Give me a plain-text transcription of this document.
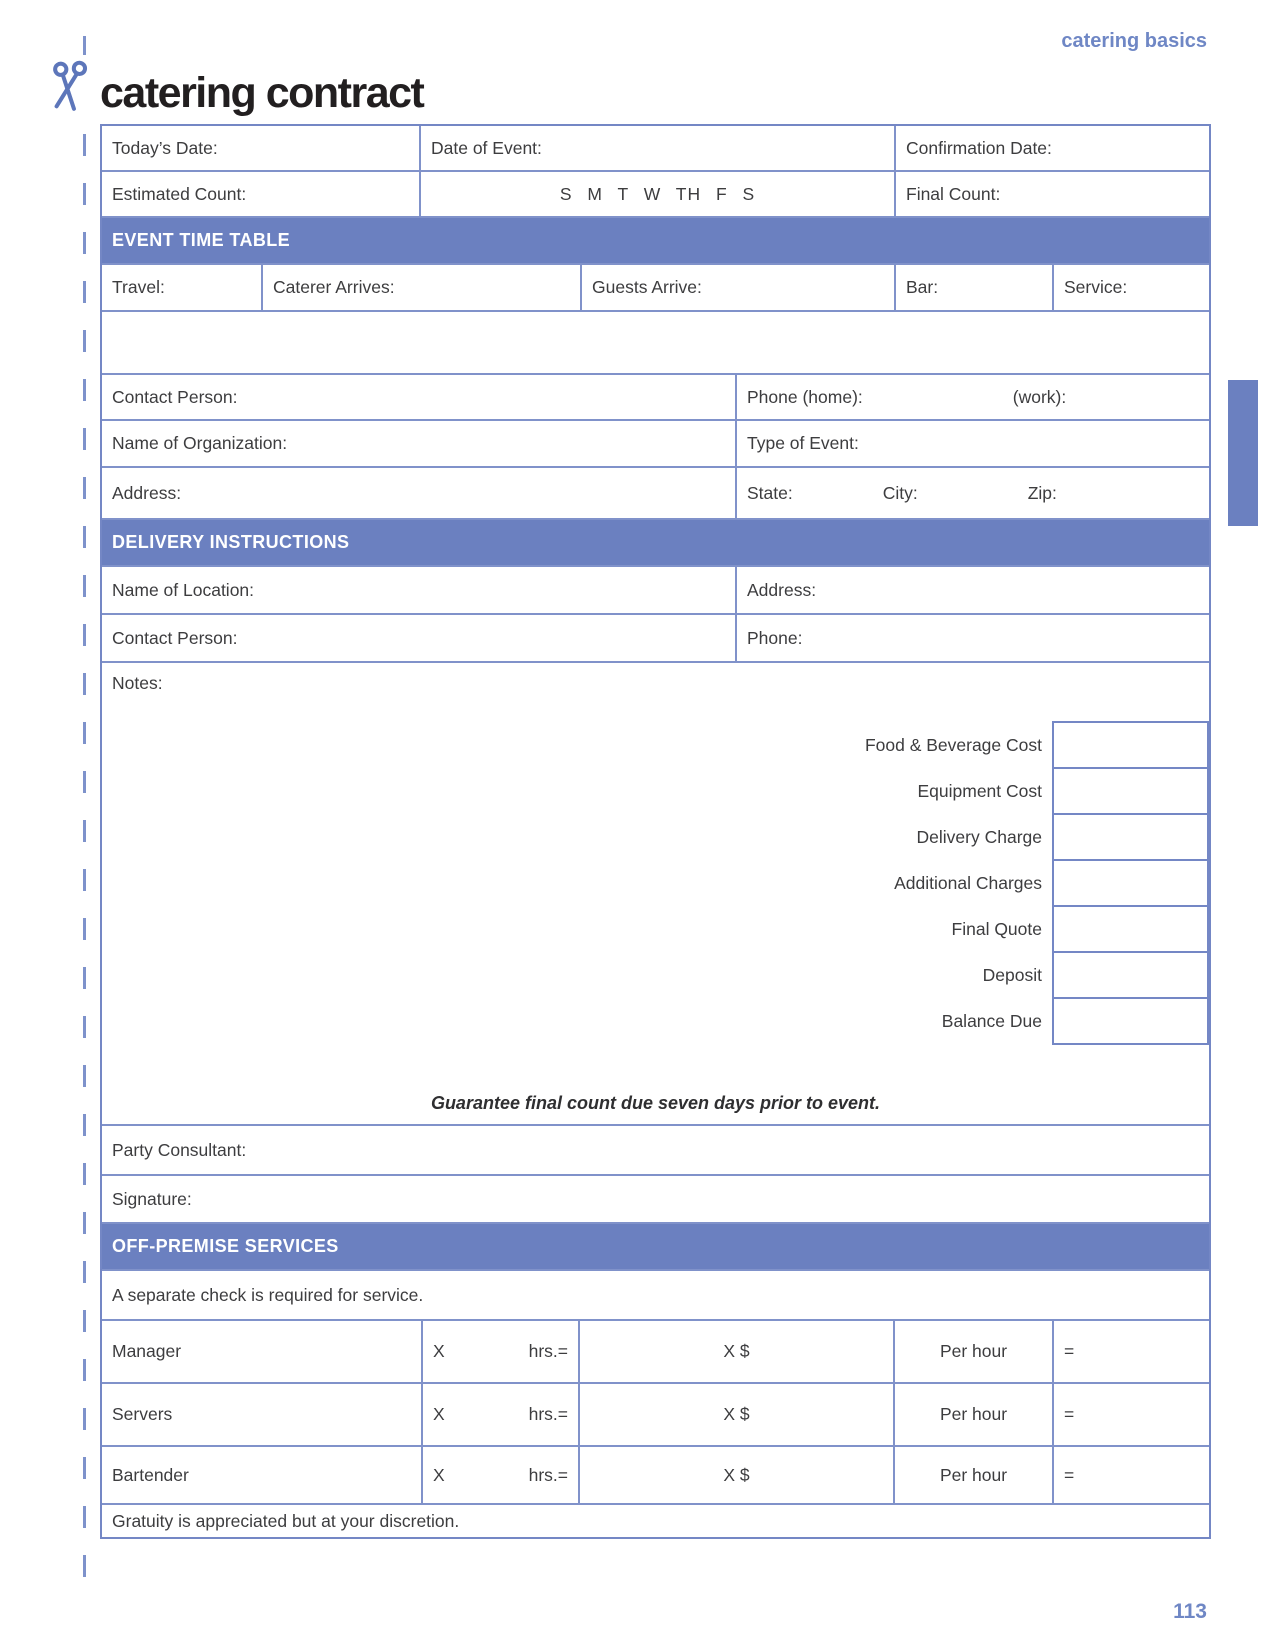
catering basics
catering contract
113
Today’s Date:	Date of Event:	Confirmation Date:
Estimated Count:	S M T W TH F S	Final Count:
EVENT TIME TABLE
Travel:	Caterer Arrives:	Guests Arrive:	Bar:	Service:
Contact Person:	Phone (home):	(work):
Name of Organization:	Type of Event:
Address:	State:	City:	Zip:
DELIVERY INSTRUCTIONS
Name of Location:	Address:
Contact Person:	Phone:
Notes:
Food & Beverage Cost
Equipment Cost
Delivery Charge
Additional Charges
Final Quote
Deposit
Balance Due
Guarantee final count due seven days prior to event.
Party Consultant:
Signature:
OFF-PREMISE SERVICES
A separate check is required for service.
Manager	X	hrs.=	X $	Per hour	=
Servers	X	hrs.=	X $	Per hour	=
Bartender	X	hrs.=	X $	Per hour	=
Gratuity is appreciated but at your discretion.
